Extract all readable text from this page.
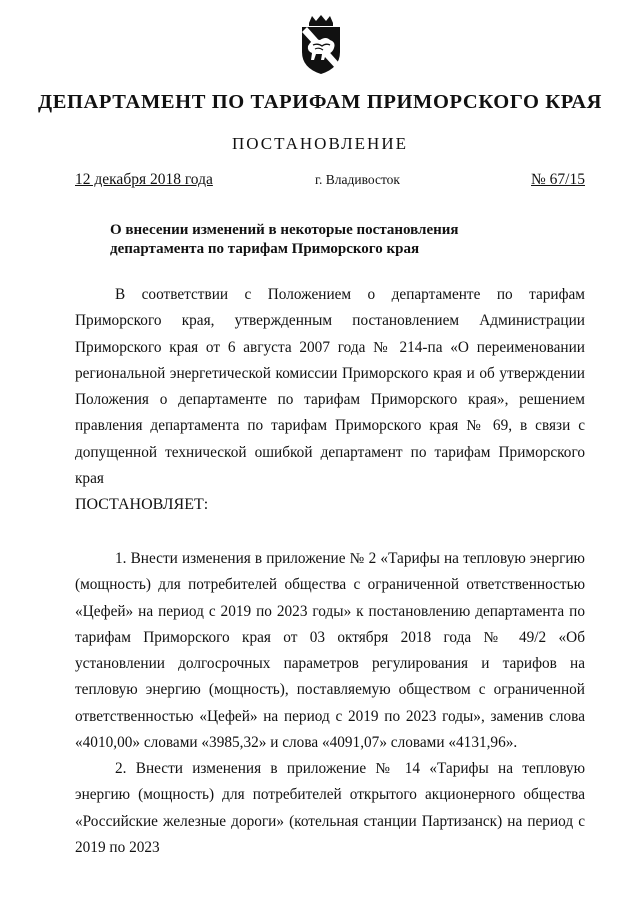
ДЕПАРТАМЕНТ ПО ТАРИФАМ ПРИМОРСКОГО КРАЯ
ПОСТАНОВЛЕНИЕ
12 декабря 2018 года	г. Владивосток	№ 67/15
О внесении изменений в некоторые постановления
департамента по тарифам Приморского края

В соответствии с Положением о департаменте по тарифам Приморского края, утвержденным постановлением Администрации Приморского края от 6 августа 2007 года № 214-па «О переименовании региональной энергетической комиссии Приморского края и об утверждении Положения о департаменте по тарифам Приморского края», решением правления департамента по тарифам Приморского края № 69, в связи с допущенной технической ошибкой департамент по тарифам Приморского края

ПОСТАНОВЛЯЕТ:

1. Внести изменения в приложение № 2 «Тарифы на тепловую энергию (мощность) для потребителей общества с ограниченной ответственностью «Цефей» на период с 2019 по 2023 годы» к постановлению департамента по тарифам Приморского края от 03 октября 2018 года № 49/2 «Об установлении долгосрочных параметров регулирования и тарифов на тепловую энергию (мощность), поставляемую обществом с ограниченной ответственностью «Цефей» на период с 2019 по 2023 годы», заменив слова «4010,00» словами «3985,32» и слова «4091,07» словами «4131,96».

2. Внести изменения в приложение № 14 «Тарифы на тепловую энергию (мощность) для потребителей открытого акционерного общества «Российские железные дороги» (котельная станции Партизанск) на период с 2019 по 2023
